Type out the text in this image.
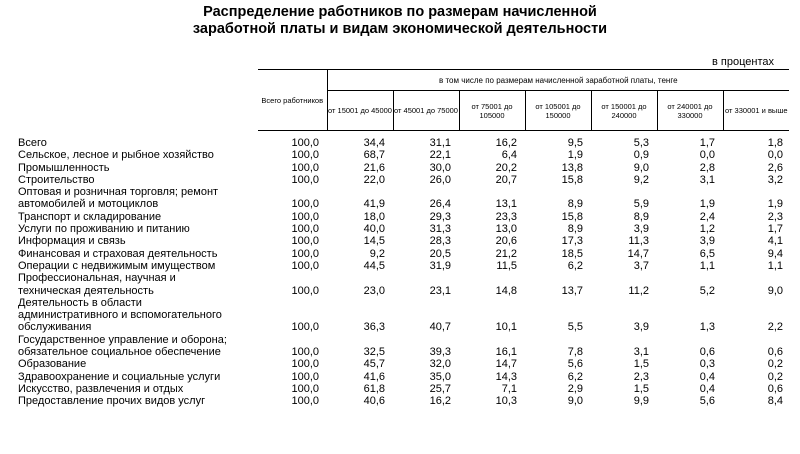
Распределение работников по размерам начисленной
заработной платы и видам экономической деятельности
в процентах
	Всего работников	в том числе по размерам начисленной заработной платы, тенге						
		от 15001 до 45000	от 45001 до 75000	от 75001 до 105000	от 105001 до 150000	от 150001 до 240000	от 240001 до 330000	от 330001 и выше

Всего	100,0	34,4	31,1	16,2	9,5	5,3	1,7	1,8

Сельское, лесное и рыбное хозяйство	100,0	68,7	22,1	6,4	1,9	0,9	0,0	0,0

Промышленность	100,0	21,6	30,0	20,2	13,8	9,0	2,8	2,6

Строительство	100,0	22,0	26,0	20,7	15,8	9,2	3,1	3,2

Оптовая и розничная торговля; ремонт
автомобилей и мотоциклов	100,0	41,9	26,4	13,1	8,9	5,9	1,9	1,9

Транспорт и складирование	100,0	18,0	29,3	23,3	15,8	8,9	2,4	2,3

Услуги по проживанию и питанию	100,0	40,0	31,3	13,0	8,9	3,9	1,2	1,7

Информация и связь	100,0	14,5	28,3	20,6	17,3	11,3	3,9	4,1

Финансовая и страховая деятельность	100,0	9,2	20,5	21,2	18,5	14,7	6,5	9,4

Операции с недвижимым имуществом	100,0	44,5	31,9	11,5	6,2	3,7	1,1	1,1

Профессиональная, научная и
техническая деятельность	100,0	23,0	23,1	14,8	13,7	11,2	5,2	9,0

Деятельность в области
административного и вспомогательного
обслуживания	100,0	36,3	40,7	10,1	5,5	3,9	1,3	2,2

Государственное управление и оборона;
обязательное социальное обеспечение	100,0	32,5	39,3	16,1	7,8	3,1	0,6	0,6

Образование	100,0	45,7	32,0	14,7	5,6	1,5	0,3	0,2

Здравоохранение и социальные услуги	100,0	41,6	35,0	14,3	6,2	2,3	0,4	0,2

Искусство, развлечения и отдых	100,0	61,8	25,7	7,1	2,9	1,5	0,4	0,6

Предоставление прочих видов услуг	100,0	40,6	16,2	10,3	9,0	9,9	5,6	8,4
